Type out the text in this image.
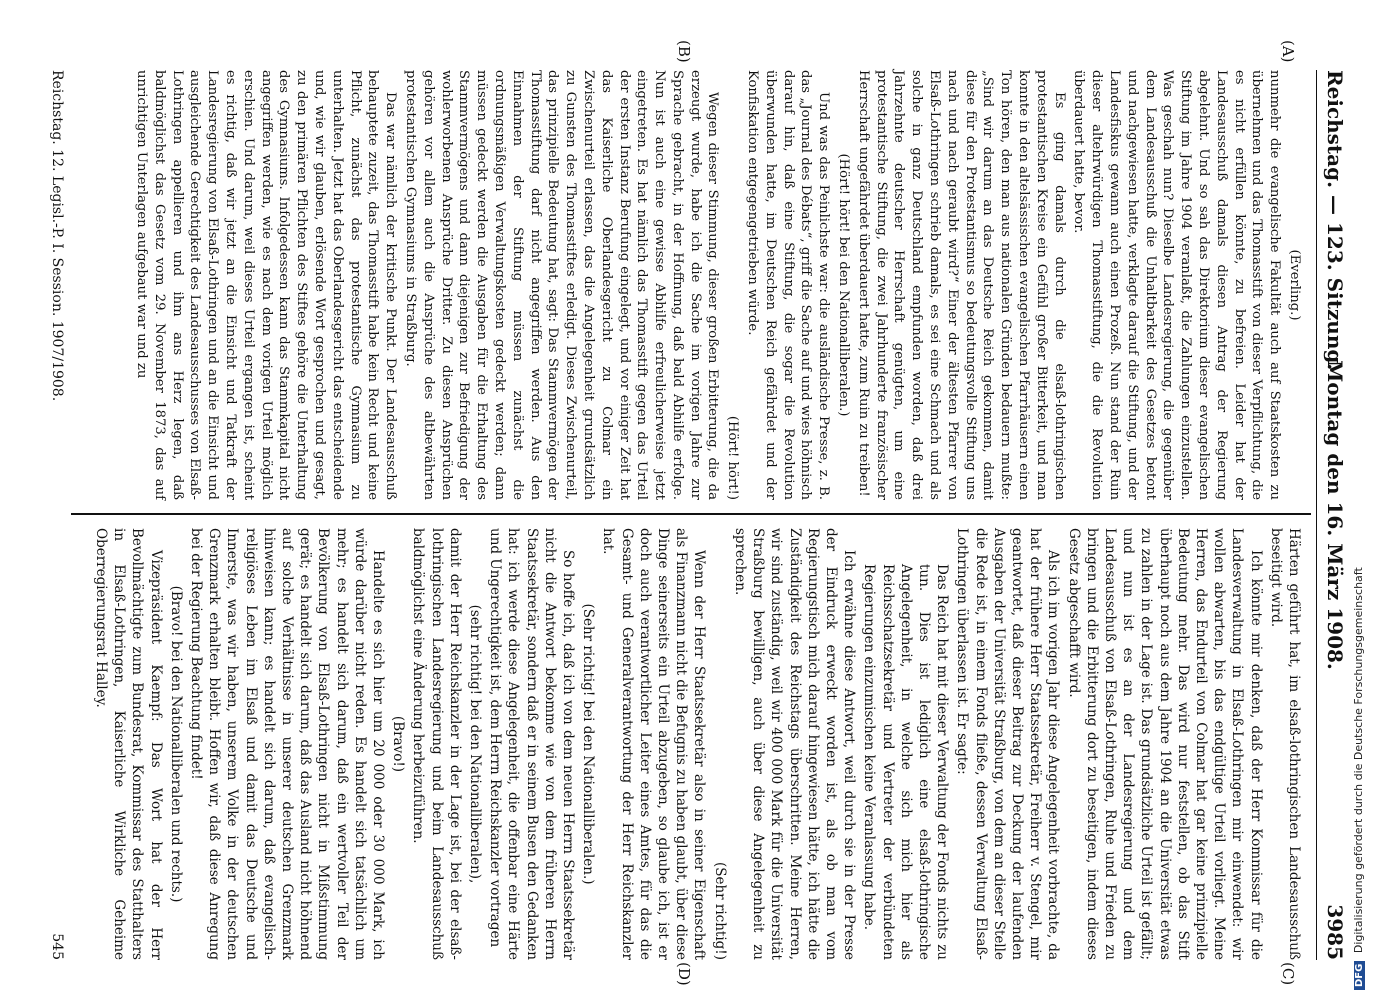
Reichstag. — 123. Sitzung.
Montag den 16. März 1908.
3985
(A)
(B)
(C)
(D)

(Everling.)

nunmehr die evangelische Fakultät auch auf Staatskosten zu übernehmen und das Thomasstift von dieser Verpflichtung, die es nicht erfüllen könnte, zu befreien. Leider hat der Landesausschuß damals diesen Antrag der Regierung abgelehnt. Und so sah das Direktorium dieser evangelischen Stiftung im Jahre 1904 veranlaßt, die Zahlungen einzustellen. Was geschah nun? Dieselbe Landesregierung, die gegenüber dem Landesausschuß die Unhaltbarkeit des Gesetzes betont und nachgewiesen hatte, verklagte darauf die Stiftung, und der Landesfiskus gewann auch einen Prozeß. Nun stand der Ruin dieser altehrwürdigen Thomasstiftung, die die Revolution überdauert hatte, bevor.

Es ging damals durch die elsaß-lothringischen protestantischen Kreise ein Gefühl großer Bitterkeit, und man konnte in den altelsässischen evangelischen Pfarrhäusern einen Ton hören, den man aus nationalen Gründen bedauern mußte: „Sind wir darum an das Deutsche Reich gekommen, damit diese für den Protestantismus so bedeutungsvolle Stiftung uns nach und nach geraubt wird?“ Einer der ältesten Pfarrer von Elsaß-Lothringen schrieb damals, es sei eine Schmach und als solche in ganz Deutschland empfunden worden, daß drei Jahrzehnte deutscher Herrschaft genügten, um eine protestantische Stiftung, die zwei Jahrhunderte französischer Herrschaft ungefährdet überdauert hatte, zum Ruin zu treiben!

(Hört! hört! bei den Nationalliberalen.)

Und was das Peinlichste war: die ausländische Presse, z. B. das „Journal des Débats“, griff die Sache auf und wies höhnisch darauf hin, daß eine Stiftung, die sogar die Revolution überwunden hatte, im Deutschen Reich gefährdet und der Konfiskation entgegengetrieben würde.

(Hört! hört!)

Wegen dieser Stimmung, dieser großen Erbitterung, die da erzeugt wurde, habe ich die Sache im vorigen Jahre zur Sprache gebracht, in der Hoffnung, daß bald Abhilfe erfolge. Nun ist auch eine gewisse Abhilfe erfreulicherweise jetzt eingetreten. Es hat nämlich das Thomasstift gegen das Urteil der ersten Instanz Berufung eingelegt, und vor einiger Zeit hat das Kaiserliche Oberlandesgericht zu Colmar ein Zwischenurteil erlassen, das die Angelegenheit grundsätzlich zu Gunsten des Thomasstiftes erledigt. Dieses Zwischenurteil, das prinzipielle Bedeutung hat, sagt: Das Stammvermögen der Thomasstiftung darf nicht angegriffen werden. Aus den Einnahmen der Stiftung müssen zunächst die ordnungsmäßigen Verwaltungskosten gedeckt werden; dann müssen gedeckt werden die Ausgaben für die Erhaltung des Stammvermögens und dann diejenigen zur Befriedigung der wohlerworbenen Ansprüche Dritter. Zu diesen Ansprüchen gehören vor allem auch die Ansprüche des altbewährten protestantischen Gymnasiums in Straßburg.

Das war nämlich der kritische Punkt. Der Landesausschuß behauptete zuzeit, das Thomasstift habe kein Recht und keine Pflicht, zunächst das protestantische Gymnasium zu unterhalten. Jetzt hat das Oberlandesgericht das entscheidende und, wie wir glauben, erlösende Wort gesprochen und gesagt, zu den primären Pflichten des Stiftes gehöre die Unterhaltung des Gymnasiums. Infolgedessen kann das Stammkapital nicht angegriffen werden, wie es nach dem vorigen Urteil möglich erschien. Und darum, weil dieses Urteil ergangen ist, scheint es richtig, daß wir jetzt an die Einsicht und Tatkraft der Landesregierung von Elsaß-Lothringen und an die Einsicht und ausgleichende Gerechtigkeit des Landesausschusses von Elsaß-Lothringen appellieren und ihm ans Herz legen, daß baldmöglichst das Gesetz vom 29. November 1873, das auf unrichtigen Unterlagen aufgebaut war und zu

Härten geführt hat, im elsaß-lothringischen Landesausschuß beseitigt wird.

Ich könnte mir denken, daß der Herr Kommissar für die Landesverwaltung in Elsaß-Lothringen mir einwendet: wir wollen abwarten, bis das endgültige Urteil vorliegt. Meine Herren, das Endurteil von Colmar hat gar keine prinzipielle Bedeutung mehr. Das wird nur feststellen, ob das Stift überhaupt noch aus dem Jahre 1904 an die Universität etwas zu zahlen in der Lage ist. Das grundsätzliche Urteil ist gefällt; und nun ist es an der Landesregierung und dem Landesausschuß von Elsaß-Lothringen, Ruhe und Frieden zu bringen und die Erbitterung dort zu beseitigen, indem dieses Gesetz abgeschafft wird.

Als ich im vorigen Jahr diese Angelegenheit vorbrachte, da hat der frühere Herr Staatssekretär, Freiherr v. Stengel, mir geantwortet, daß dieser Beitrag zur Deckung der laufenden Ausgaben der Universität Straßburg, von dem an dieser Stelle die Rede ist, in einem Fonds fließe, dessen Verwaltung Elsaß-Lothringen überlassen ist. Er sagte:

Das Reich hat mit dieser Verwaltung der Fonds nichts zu tun. Dies ist lediglich eine elsaß-lothringische Angelegenheit, in welche sich mich hier als Reichsschatzsekretär und Vertreter der verbündeten Regierungen einzumischen keine Veranlassung habe.

Ich erwähne diese Antwort, weil durch sie in der Presse der Eindruck erweckt worden ist, als ob man vom Regierungstisch mich darauf hingewiesen hätte, ich hätte die Zuständigkeit des Reichstags überschritten. Meine Herren, wir sind zuständig, weil wir 400 000 Mark für die Universität Straßburg bewilligen, auch über diese Angelegenheit zu sprechen.

(Sehr richtig!)

Wenn der Herr Staatssekretär also in seiner Eigenschaft als Finanzmann nicht die Befugnis zu haben glaubt, über diese Dinge seinerseits ein Urteil abzugeben, so glaube ich, ist er doch auch verantwortlicher Leiter eines Amtes, für das die Gesamt- und Generalverantwortung der Herr Reichskanzler hat.

(Sehr richtig! bei den Nationalliberalen.)

So hoffe ich, daß ich von dem neuen Herrn Staatssekretär nicht die Antwort bekomme wie von dem früheren Herrn Staatssekretär, sondern daß er in seinem Busen den Gedanken hat: ich werde diese Angelegenheit, die offenbar eine Härte und Ungerechtigkeit ist, dem Herrn Reichskanzler vortragen

(sehr richtig! bei den Nationalliberalen),

damit der Herr Reichskanzler in der Lage ist, bei der elsaß-lothringischen Landesregierung und beim Landesausschuß baldmöglichst eine Änderung herbeizuführen.

(Bravo!)

Handelte es sich hier um 20 000 oder 30 000 Mark, ich würde darüber nicht reden. Es handelt sich tatsächlich um mehr; es handelt sich darum, daß ein wertvoller Teil der Bevölkerung von Elsaß-Lothringen nicht in Mißstimmung gerät; es handelt sich darum, daß das Ausland nicht höhnend auf solche Verhältnisse in unserer deutschen Grenzmark hinweisen kann; es handelt sich darum, daß evangelisch-religiöses Leben im Elsaß und damit das Deutsche und Innerste, was wir haben, unserem Volke in der deutschen Grenzmark erhalten bleibt. Hoffen wir, daß diese Anregung bei der Regierung Beachtung findet!

(Bravo! bei den Nationalliberalen und rechts.)

Vizepräsident Kaempf: Das Wort hat der Herr Bevollmächtigte zum Bundesrat, Kommissar des Statthalters in Elsaß-Lothringen, Kaiserliche Wirkliche Geheime Oberregierungsrat Halley.

Reichstag. 12. Legisl.-P. I. Session. 1907/1908.
545
DFG Digitalisierung gefördert durch die Deutsche Forschungsgemeinschaft
